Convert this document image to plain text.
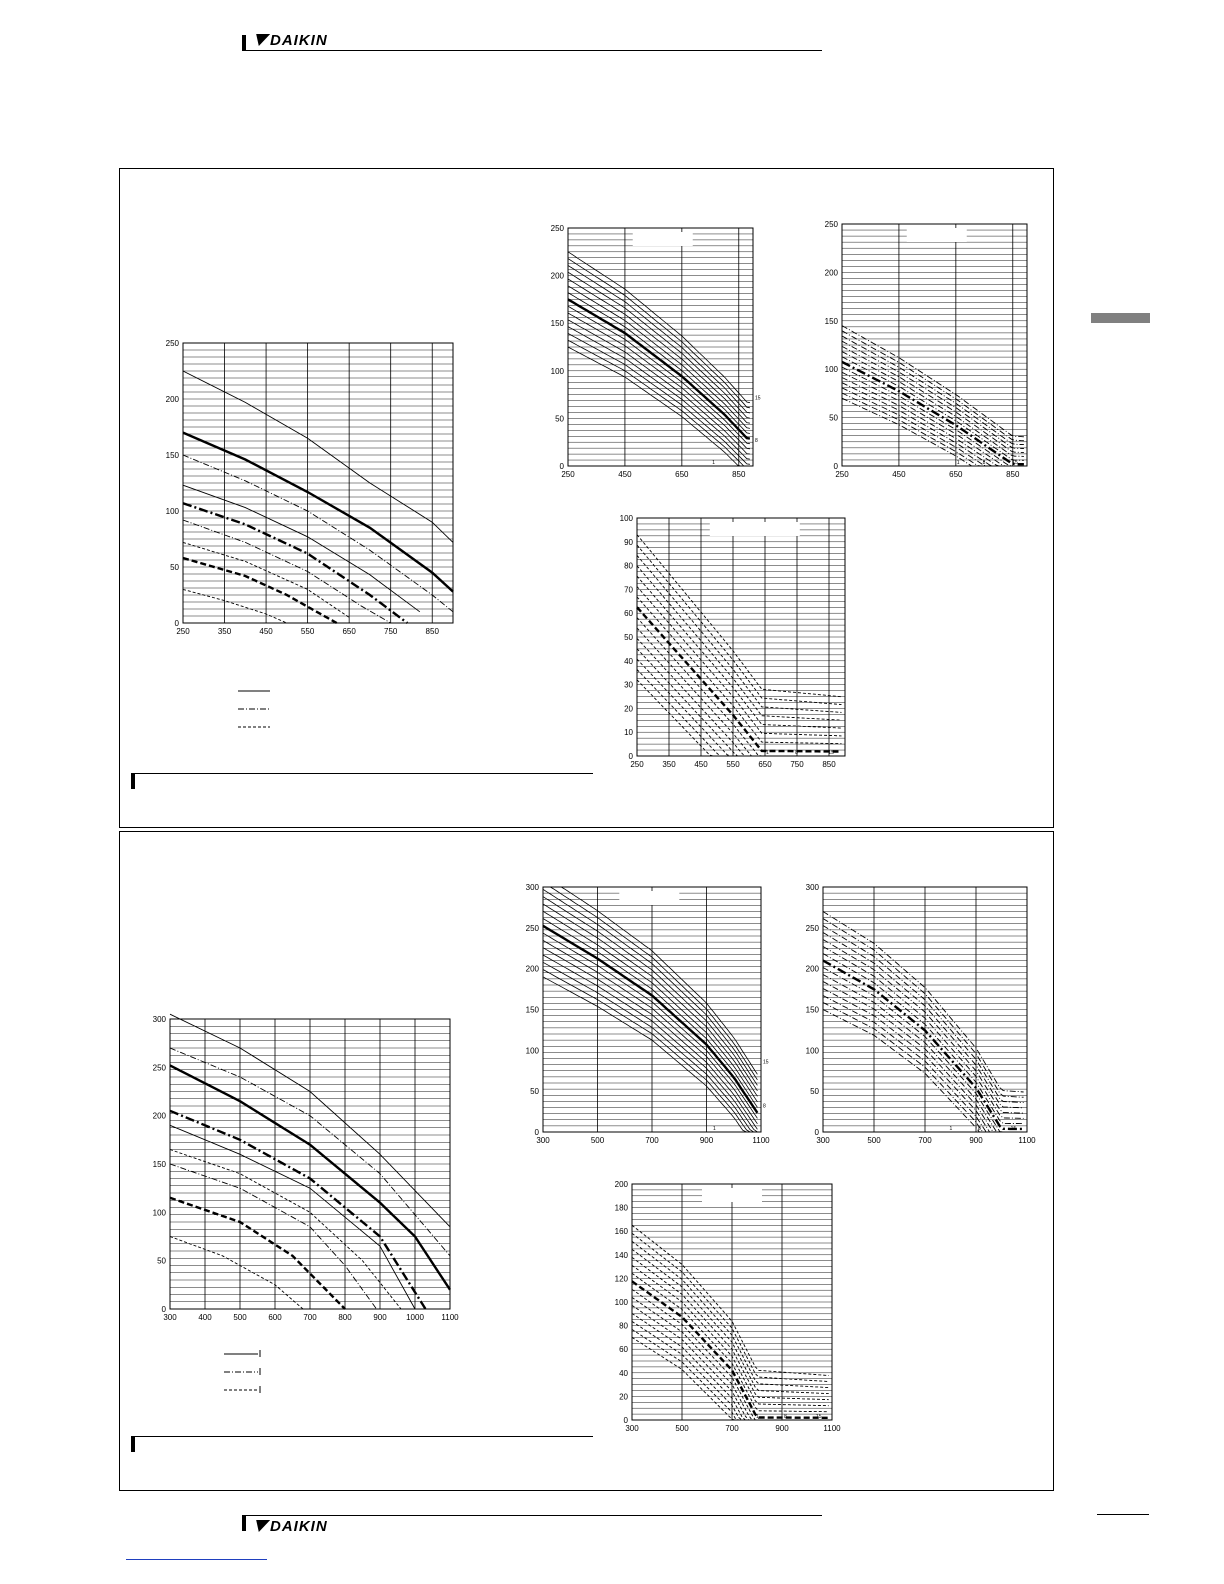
DAIKIN
250	350	450	550	650	750	850
0
50
100
150
200
250
250	450	650	850
0
50
100
150
200
250
15
8
1
250	450	650	850
0
50
100
150
200
250
1	8	15
250 350 450 550 650 750 850
0
10
20
30
40
50
60
70
80
90
100
1	8	15
300	400	500	600	700	800	900 1000 1100
0
50
100
150
200
250
300
300	500	700	900	1100
0
50
100
150
200
250
300
15
8
1
300	500	700	900	1100
0
50
100
150
200
250
300
1	8	15
300	500	700	900	1100
0
20
40
60
80
100
120
140
160
180
200
1	8	15
DAIKIN
